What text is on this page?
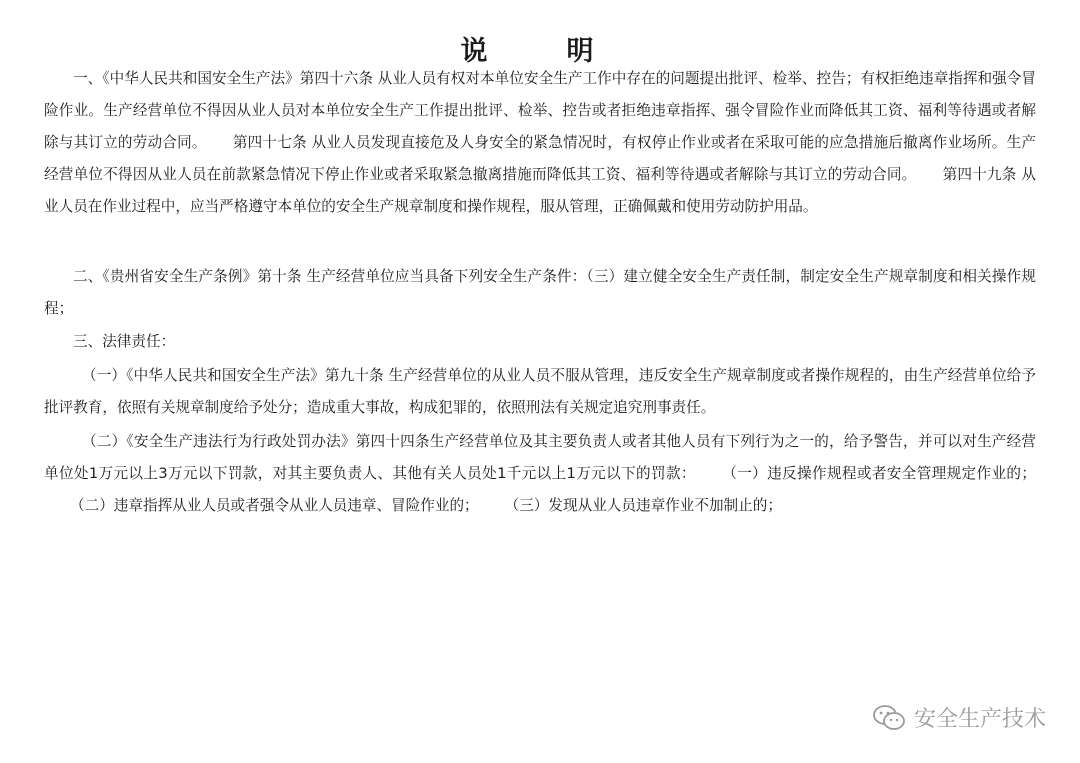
说　明
一、《中华人民共和国安全生产法》第四十六条 从业人员有权对本单位安全生产工作中存在的问题提出批评、检举、控告；有权拒绝违章指挥和强令冒险作业。生产经营单位不得因从业人员对本单位安全生产工作提出批评、检举、控告或者拒绝违章指挥、强令冒险作业而降低其工资、福利等待遇或者解除与其订立的劳动合同。 第四十七条 从业人员发现直接危及人身安全的紧急情况时，有权停止作业或者在采取可能的应急措施后撤离作业场所。生产经营单位不得因从业人员在前款紧急情况下停止作业或者采取紧急撤离措施而降低其工资、福利等待遇或者解除与其订立的劳动合同。 第四十九条 从业人员在作业过程中，应当严格遵守本单位的安全生产规章制度和操作规程，服从管理，正确佩戴和使用劳动防护用品。
二、《贵州省安全生产条例》第十条 生产经营单位应当具备下列安全生产条件：（三）建立健全安全生产责任制，制定安全生产规章制度和相关操作规程；
三、法律责任：
（一）《中华人民共和国安全生产法》第九十条 生产经营单位的从业人员不服从管理，违反安全生产规章制度或者操作规程的，由生产经营单位给予批评教育，依照有关规章制度给予处分；造成重大事故，构成犯罪的，依照刑法有关规定追究刑事责任。
（二）《安全生产违法行为行政处罚办法》第四十四条生产经营单位及其主要负责人或者其他人员有下列行为之一的，给予警告，并可以对生产经营单位处1万元以上3万元以下罚款，对其主要负责人、其他有关人员处1千元以上1万元以下的罚款： （一）违反操作规程或者安全管理规定作业的；（二）违章指挥从业人员或者强令从业人员违章、冒险作业的； （三）发现从业人员违章作业不加制止的；
安全生产技术
